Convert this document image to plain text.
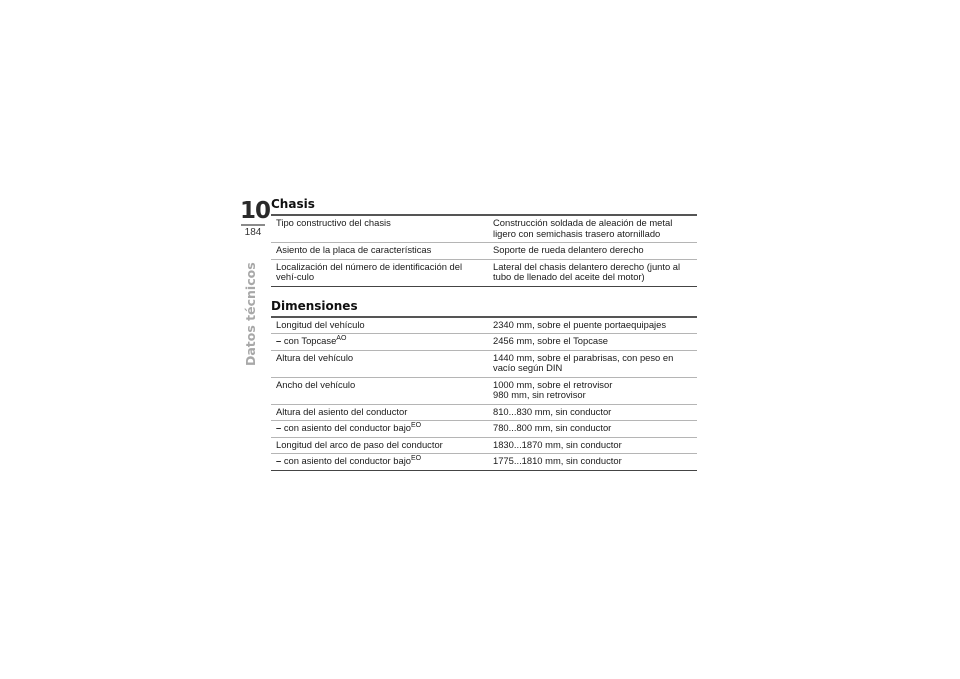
10
184
Datos técnicos
Chasis
Tipo constructivo del chasis	Construcción soldada de aleación de metal ligero con semichasis trasero atornillado
Asiento de la placa de características	Soporte de rueda delantero derecho
Localización del número de identificación del vehí-culo	Lateral del chasis delantero derecho (junto al tubo de llenado del aceite del motor)
Dimensiones
Longitud del vehículo	2340 mm, sobre el puente portaequipajes
– con Topcase$^{AO}$	2456 mm, sobre el Topcase
Altura del vehículo	1440 mm, sobre el parabrisas, con peso en vacío según DIN
Ancho del vehículo	1000 mm, sobre el retrovisor
980 mm, sin retrovisor

Altura del asiento del conductor	810...830 mm, sin conductor
– con asiento del conductor bajo$^{EO}$	780...800 mm, sin conductor
Longitud del arco de paso del conductor	1830...1870 mm, sin conductor
– con asiento del conductor bajo$^{EO}$	1775...1810 mm, sin conductor
